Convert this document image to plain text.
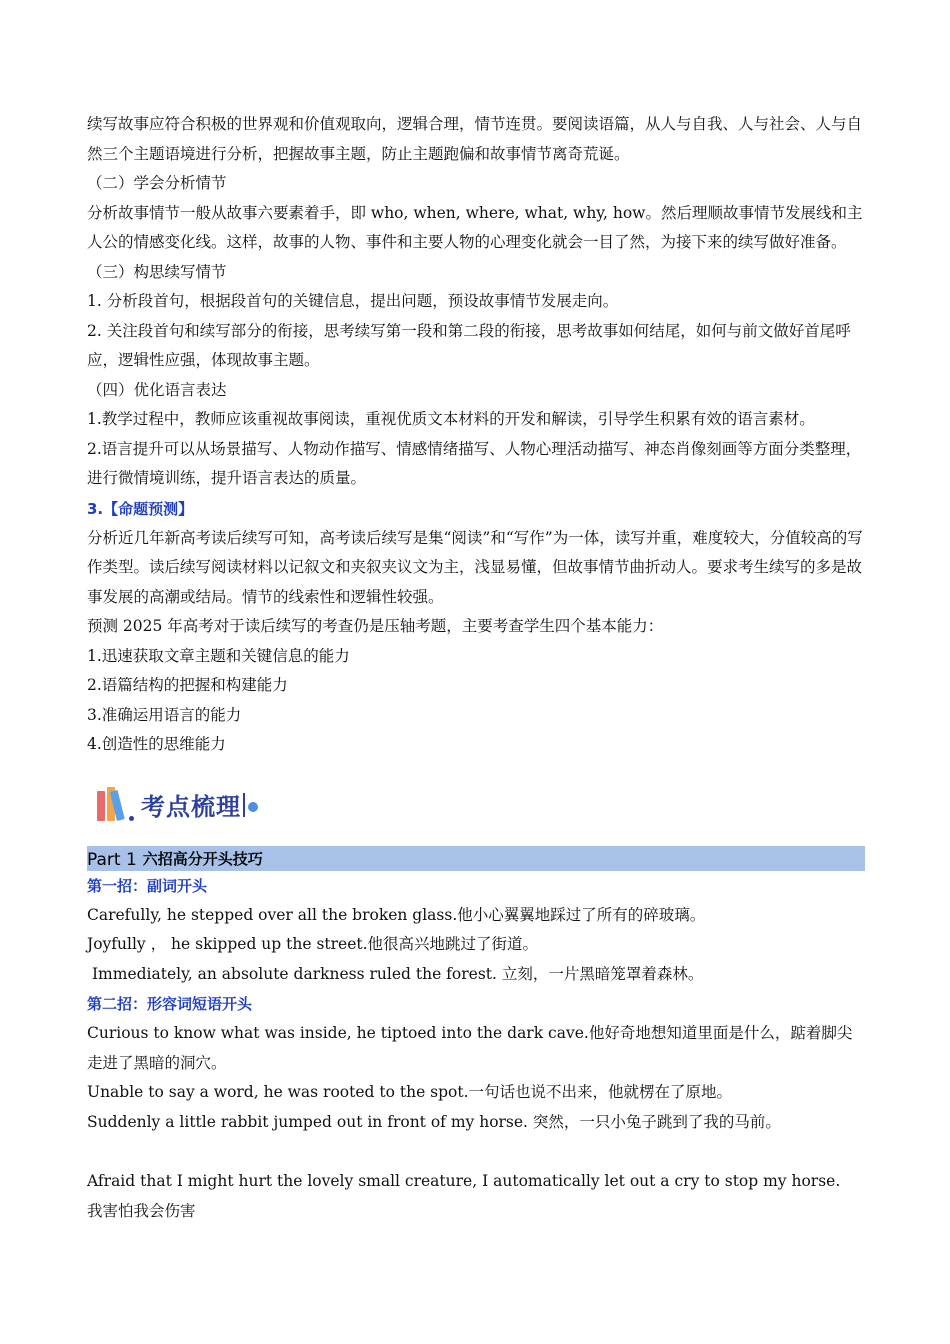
续写故事应符合积极的世界观和价值观取向，逻辑合理，情节连贯。要阅读语篇，从人与自我、人与社会、人与自然三个主题语境进行分析，把握故事主题，防止主题跑偏和故事情节离奇荒诞。

（二）学会分析情节

分析故事情节一般从故事六要素着手，即 who, when, where, what, why, how。然后理顺故事情节发展线和主人公的情感变化线。这样，故事的人物、事件和主要人物的心理变化就会一目了然，为接下来的续写做好准备。

（三）构思续写情节

1. 分析段首句，根据段首句的关键信息，提出问题，预设故事情节发展走向。

2. 关注段首句和续写部分的衔接，思考续写第一段和第二段的衔接，思考故事如何结尾，如何与前文做好首尾呼应，逻辑性应强，体现故事主题。

（四）优化语言表达

1.教学过程中，教师应该重视故事阅读，重视优质文本材料的开发和解读，引导学生积累有效的语言素材。

2.语言提升可以从场景描写、人物动作描写、情感情绪描写、人物心理活动描写、神态肖像刻画等方面分类整理，进行微情境训练，提升语言表达的质量。

3.【命题预测】

分析近几年新高考读后续写可知，高考读后续写是集“阅读”和“写作”为一体，读写并重，难度较大，分值较高的写作类型。读后续写阅读材料以记叙文和夹叙夹议文为主，浅显易懂，但故事情节曲折动人。要求考生续写的多是故事发展的高潮或结局。情节的线索性和逻辑性较强。

预测 2025 年高考对于读后续写的考查仍是压轴考题，主要考查学生四个基本能力：

1.迅速获取文章主题和关键信息的能力

2.语篇结构的把握和构建能力

3.准确运用语言的能力

4.创造性的思维能力

考点梳理
Part 1 六招高分开头技巧

第一招：副词开头

Carefully, he stepped over all the broken glass.他小心翼翼地踩过了所有的碎玻璃。

Joyfully ， he skipped up the street.他很高兴地跳过了街道。

Immediately, an absolute darkness ruled the forest. 立刻，一片黑暗笼罩着森林。

第二招：形容词短语开头

Curious to know what was inside, he tiptoed into the dark cave.他好奇地想知道里面是什么，踮着脚尖走进了黑暗的洞穴。

Unable to say a word, he was rooted to the spot.一句话也说不出来，他就楞在了原地。

Suddenly a little rabbit jumped out in front of my horse. 突然，一只小兔子跳到了我的马前。

Afraid that I might hurt the lovely small creature, I automatically let out a cry to stop my horse.  我害怕我会伤害
